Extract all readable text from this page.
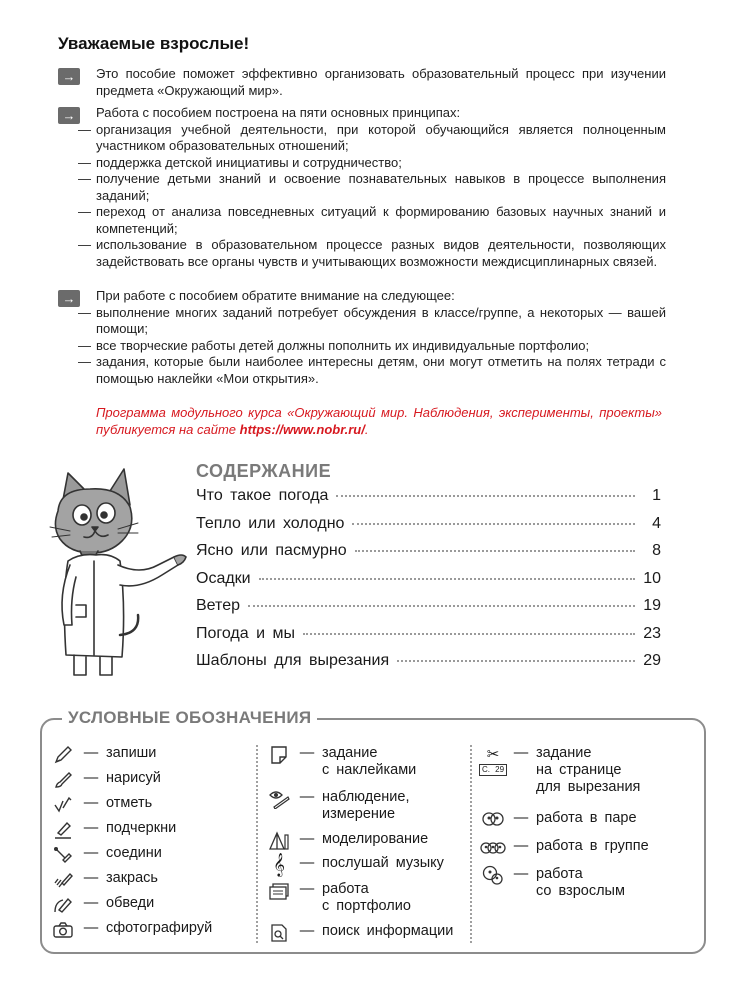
Уважаемые взрослые!
→	Это пособие поможет эффективно организовать образовательный процесс при изучении предмета «Окружающий мир».
→	Работа с пособием построена на пяти основных принципах:
— организация учебной деятельности, при которой обучающийся является полноценным участником образовательных отношений;
— поддержка детской инициативы и сотрудничество;
— получение детьми знаний и освоение познавательных навыков в процессе выполнения заданий;
— переход от анализа повседневных ситуаций к формированию базовых научных знаний и компетенций;
— использование в образовательном процессе разных видов деятельности, позволяющих задействовать все органы чувств и учитывающих возможности междисциплинарных связей.
→	При работе с пособием обратите внимание на следующее:
— выполнение многих заданий потребует обсуждения в классе/группе, а некоторых — вашей помощи;
— все творческие работы детей должны пополнить их индивидуальные портфолио;
— задания, которые были наиболее интересны детям, они могут отметить на полях тетради с помощью наклейки «Мои открытия».
Программа модульного курса «Окружающий мир. Наблюдения, эксперименты, проекты» публикуется на сайте https://www.nobr.ru/.
СОДЕРЖАНИЕ
Что такое погода	1
Тепло или холодно	4
Ясно или пасмурно	8
Осадки	10
Ветер	19
Погода и мы	23
Шаблоны для вырезания	29
УСЛОВНЫЕ ОБОЗНАЧЕНИЯ
— запиши
— нарисуй
— отметь
— подчеркни
— соедини
— закрась
— обведи
— сфотографируй
— задание
с наклейками
— наблюдение,
измерение
— моделирование
𝄞	— послушай музыку
— работа
с портфолио
— поиск информации
✂
С. 29
— задание
на странице
для вырезания
— работа в паре
— работа в группе
— работа
со взрослым
